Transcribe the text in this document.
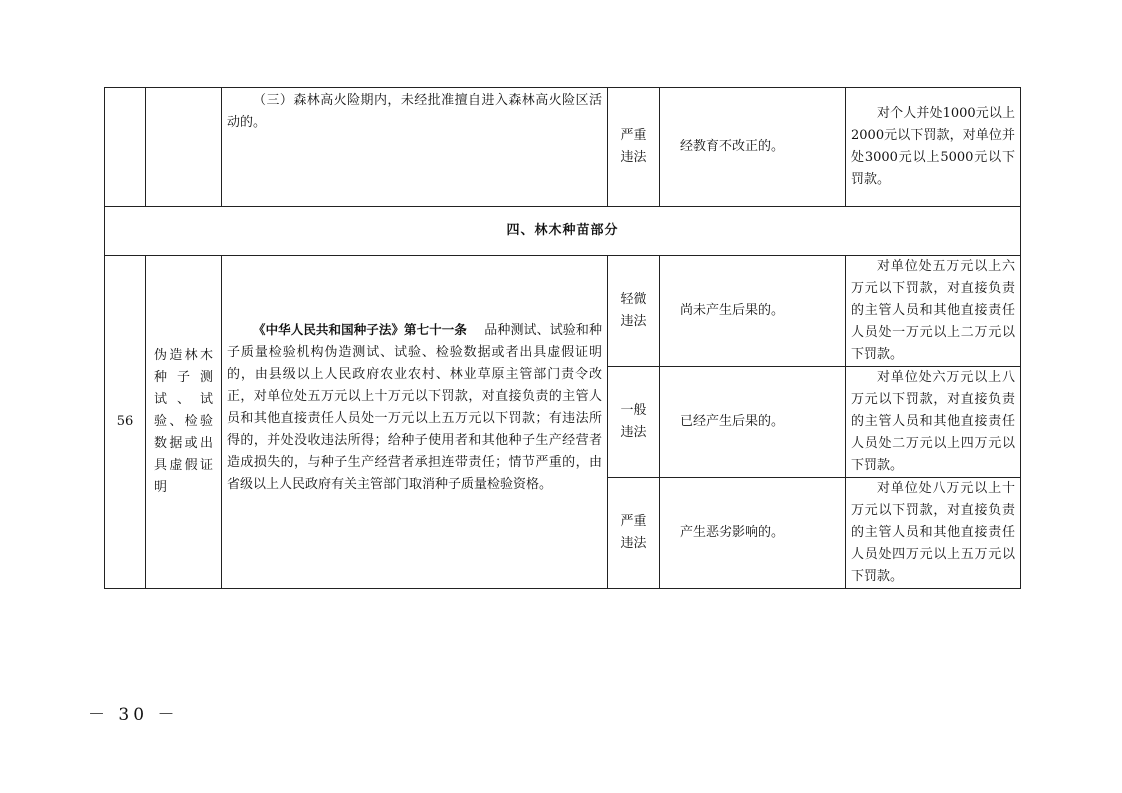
		（三）森林高火险期内，未经批准擅自进入森林高火险区活动的。	严重违法	经教育不改正的。	对个人并处1000元以上2000元以下罚款，对单位并处3000元以上5000元以下罚款。

四、林木种苗部分					
56	伪造林木种子测试、试验、检验数据或出具虚假证明	《中华人民共和国种子法》第七十一条　 品种测试、试验和种子质量检验机构伪造测试、试验、检验数据或者出具虚假证明的，由县级以上人民政府农业农村、林业草原主管部门责令改正，对单位处五万元以上十万元以下罚款，对直接负责的主管人员和其他直接责任人员处一万元以上五万元以下罚款；有违法所得的，并处没收违法所得；给种子使用者和其他种子生产经营者造成损失的，与种子生产经营者承担连带责任；情节严重的，由省级以上人民政府有关主管部门取消种子质量检验资格。	轻微违法	尚未产生后果的。	对单位处五万元以上六万元以下罚款，对直接负责的主管人员和其他直接责任人员处一万元以上二万元以下罚款。

			一般违法	已经产生后果的。	对单位处六万元以上八万元以下罚款，对直接负责的主管人员和其他直接责任人员处二万元以上四万元以下罚款。

			严重违法	产生恶劣影响的。	对单位处八万元以上十万元以下罚款，对直接负责的主管人员和其他直接责任人员处四万元以上五万元以下罚款。
－ 30 －
